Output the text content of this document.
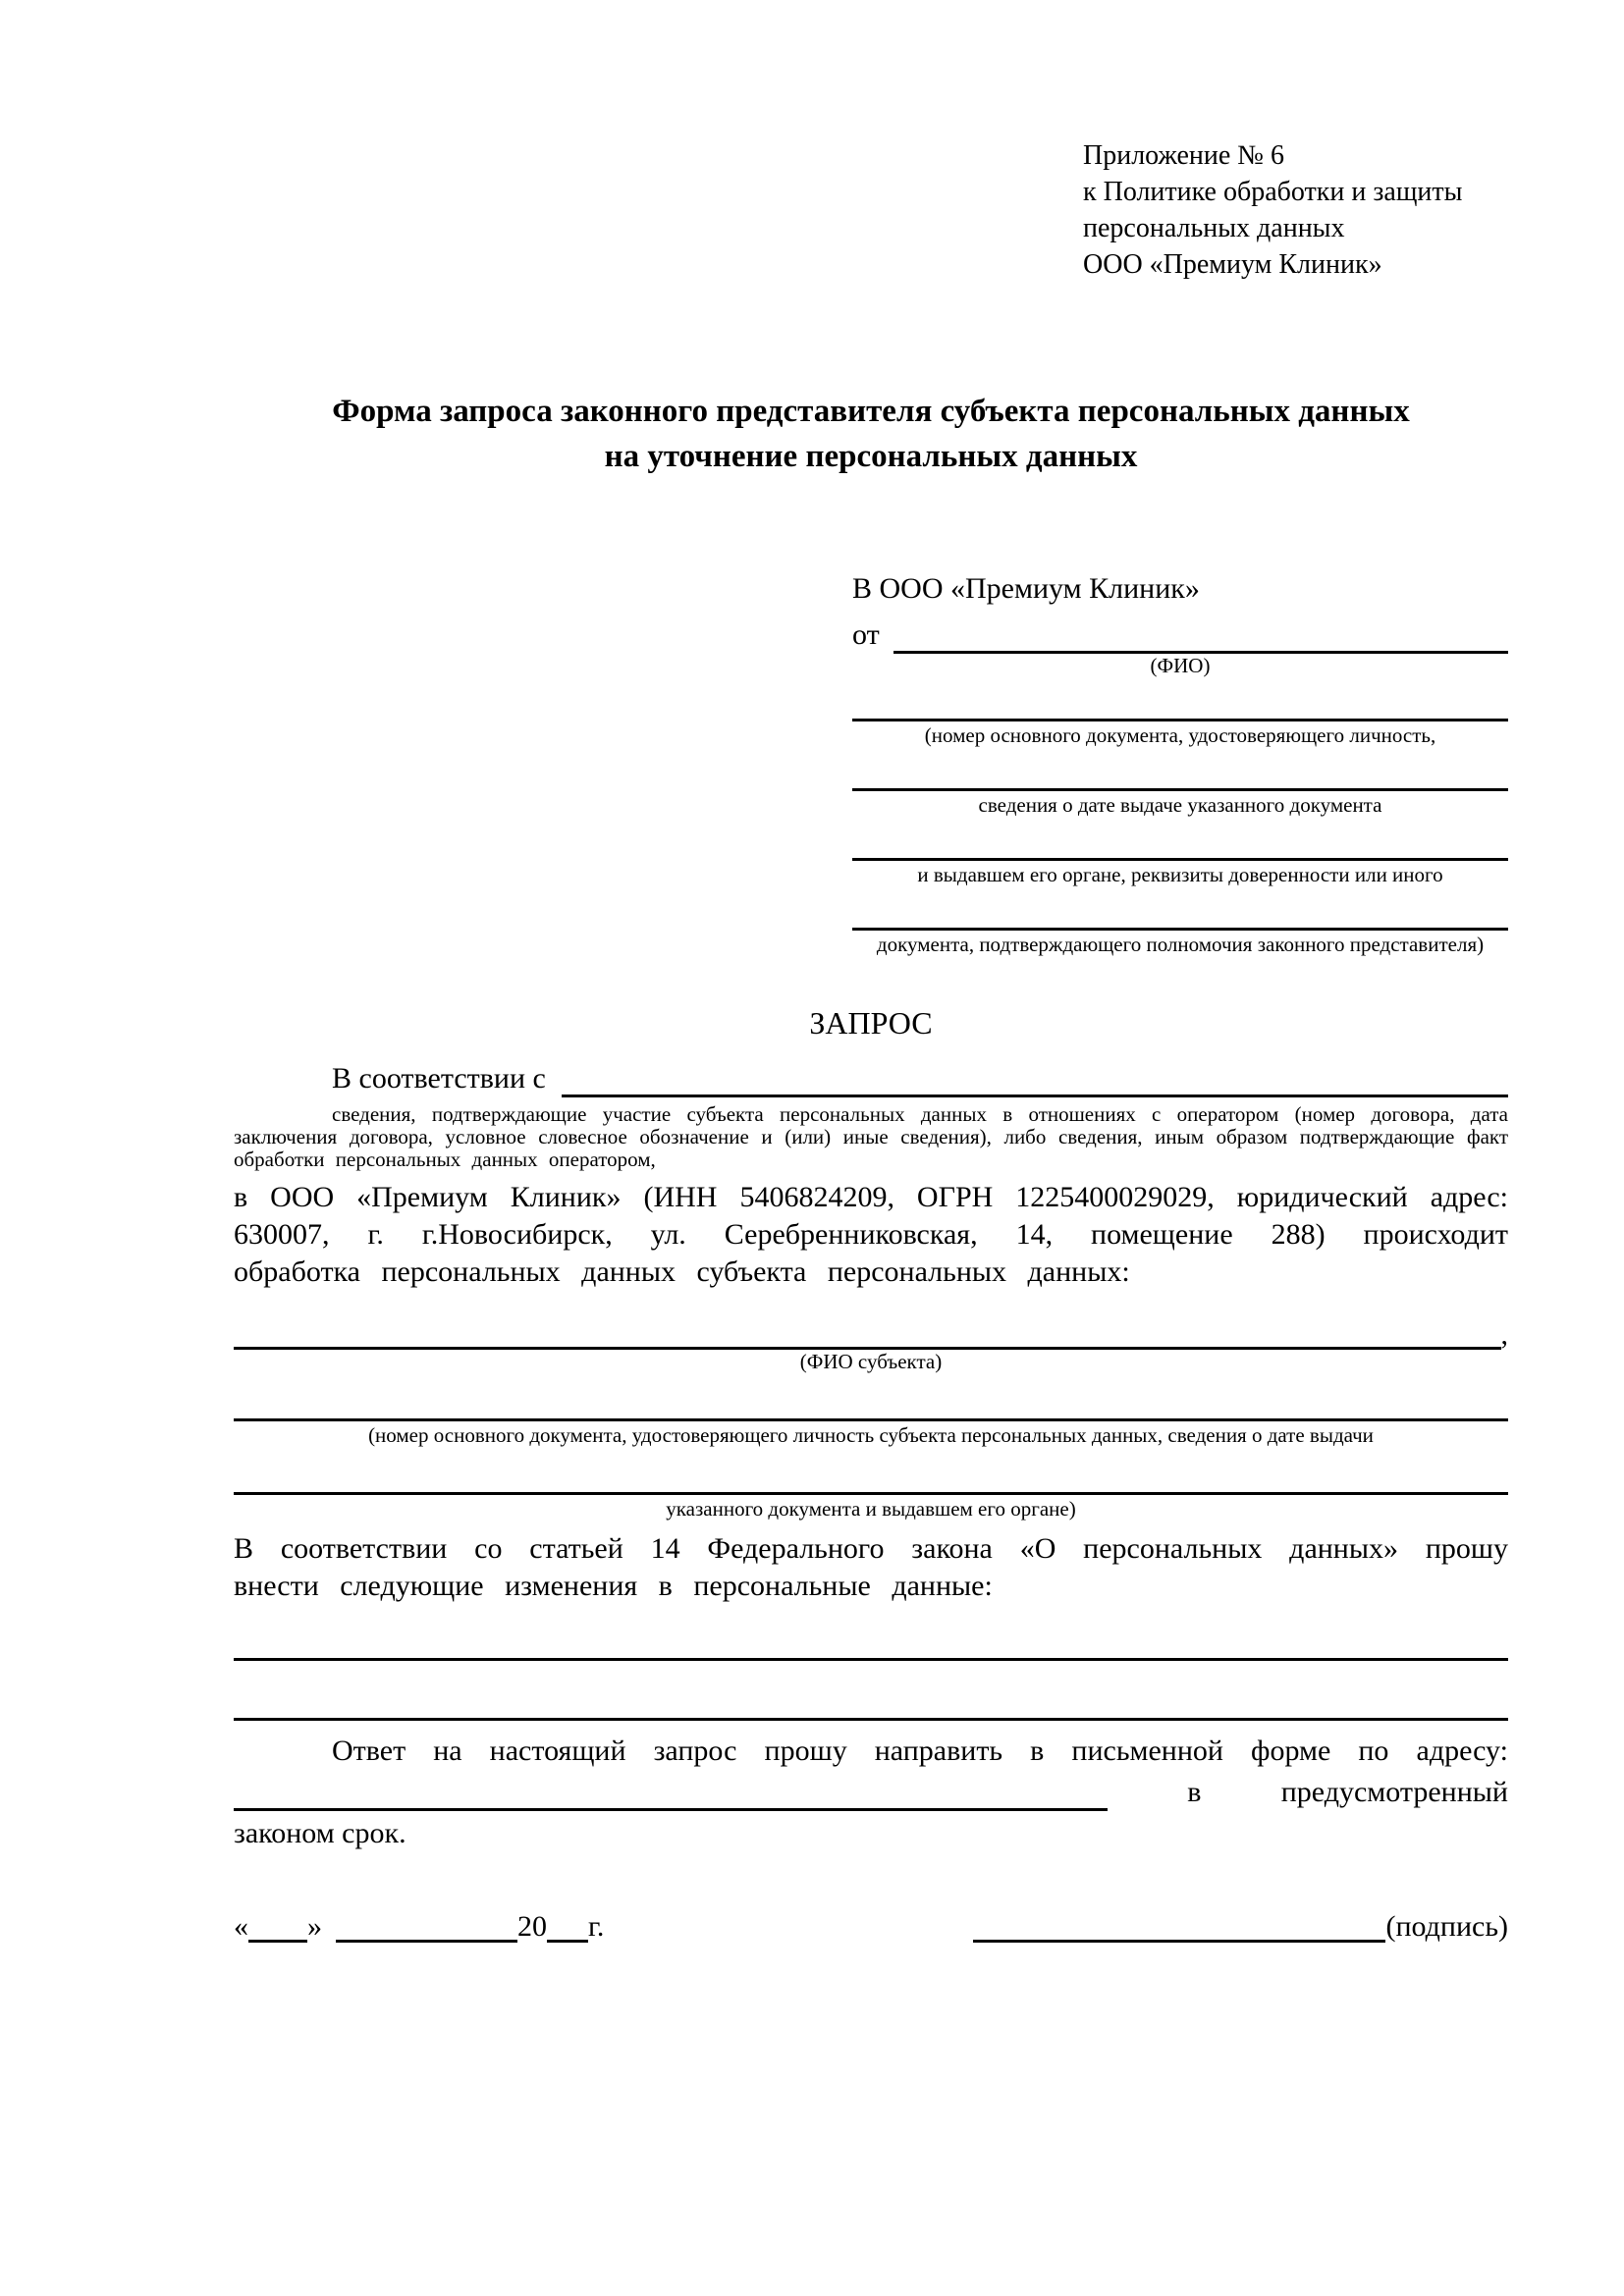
Приложение № 6
к Политике обработки и защиты
персональных данных
ООО «Премиум Клиник»
Форма запроса законного представителя субъекта персональных данных на уточнение персональных данных
В ООО «Премиум Клиник»
от
(ФИО)
(номер основного документа, удостоверяющего личность,
сведения о дате выдаче указанного документа
и выдавшем его органе, реквизиты доверенности или иного
документа, подтверждающего полномочия законного представителя)
ЗАПРОС
В соответствии с
сведения, подтверждающие участие субъекта персональных данных в отношениях с оператором (номер договора, дата заключения договора, условное словесное обозначение и (или) иные сведения), либо сведения, иным образом подтверждающие факт обработки персональных данных оператором,
в ООО «Премиум Клиник» (ИНН 5406824209, ОГРН 1225400029029, юридический адрес: 630007, г. г.Новосибирск, ул. Серебренниковская, 14, помещение 288) происходит обработка персональных данных субъекта персональных данных:
,
(ФИО субъекта)
(номер основного документа, удостоверяющего личность субъекта персональных данных, сведения о дате выдачи
указанного документа и выдавшем его органе)
В соответствии со статьей 14 Федерального закона «О персональных данных» прошу внести следующие изменения в персональные данные:
Ответ на настоящий запрос прошу направить в письменной форме по адресу:
в	предусмотренный
законом срок.
« »	20 г.	(подпись)
